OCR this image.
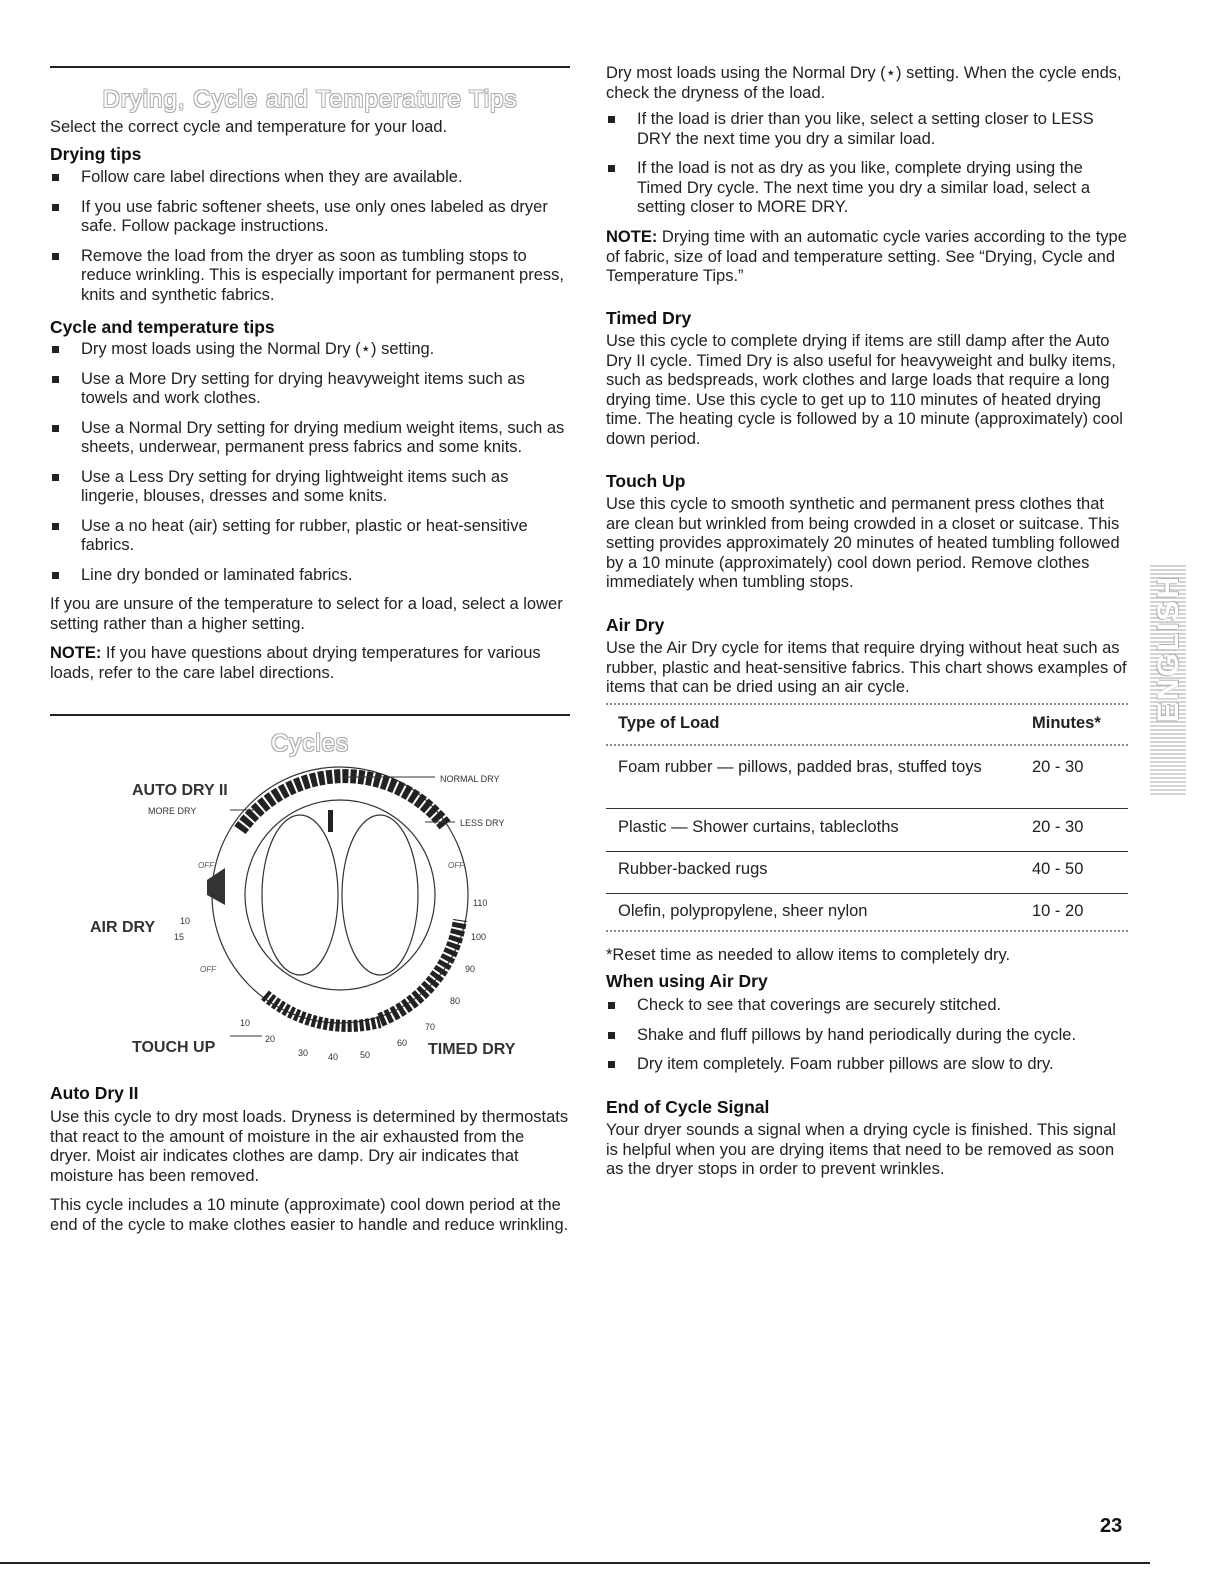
Drying, Cycle and Temperature Tips

Select the correct cycle and temperature for your load.

Drying tips
Follow care label directions when they are available.
If you use fabric softener sheets, use only ones labeled as dryer safe. Follow package instructions.
Remove the load from the dryer as soon as tumbling stops to reduce wrinkling. This is especially important for permanent press, knits and synthetic fabrics.
Cycle and temperature tips
Dry most loads using the Normal Dry (⋆) setting.
Use a More Dry setting for drying heavyweight items such as towels and work clothes.
Use a Normal Dry setting for drying medium weight items, such as sheets, underwear, permanent press fabrics and some knits.
Use a Less Dry setting for drying lightweight items such as lingerie, blouses, dresses and some knits.
Use a no heat (air) setting for rubber, plastic or heat-sensitive fabrics.
Line dry bonded or laminated fabrics.

If you are unsure of the temperature to select for a load, select a lower setting rather than a higher setting.

NOTE: If you have questions about drying temperatures for various loads, refer to the care label directions.

Cycles
AUTO DRY II
MORE DRY
NORMAL DRY
LESS DRY
OFF	OFF
OFF
AIR DRY	10
15
110
100
90
80
70
60
50
40
30
20
10
TOUCH UP	TIMED DRY
Auto Dry II

Use this cycle to dry most loads. Dryness is determined by thermostats that react to the amount of moisture in the air exhausted from the dryer. Moist air indicates clothes are damp. Dry air indicates that moisture has been removed.

This cycle includes a 10 minute (approximate) cool down period at the end of the cycle to make clothes easier to handle and reduce wrinkling.

Dry most loads using the Normal Dry (⋆) setting. When the cycle ends, check the dryness of the load.

If the load is drier than you like, select a setting closer to LESS DRY the next time you dry a similar load.
If the load is not as dry as you like, complete drying using the Timed Dry cycle. The next time you dry a similar load, select a setting closer to MORE DRY.

NOTE: Drying time with an automatic cycle varies according to the type of fabric, size of load and temperature setting. See “Drying, Cycle and Temperature Tips.”

Timed Dry

Use this cycle to complete drying if items are still damp after the Auto Dry II cycle. Timed Dry is also useful for heavyweight and bulky items, such as bedspreads, work clothes and large loads that require a long drying time. Use this cycle to get up to 110 minutes of heated drying time. The heating cycle is followed by a 10 minute (approximately) cool down period.

Touch Up

Use this cycle to smooth synthetic and permanent press clothes that are clean but wrinkled from being crowded in a closet or suitcase. This setting provides approximately 20 minutes of heated tumbling followed by a 10 minute (approximately) cool down period. Remove clothes immediately when tumbling stops.

Air Dry

Use the Air Dry cycle for items that require drying without heat such as rubber, plastic and heat-sensitive fabrics. This chart shows examples of items that can be dried using an air cycle.

Type of Load	Minutes*
Foam rubber — pillows, padded bras, stuffed toys	20 - 30
Plastic — Shower curtains, tablecloths	20 - 30
Rubber-backed rugs	40 - 50
Olefin, polypropylene, sheer nylon	10 - 20

*Reset time as needed to allow items to completely dry.

When using Air Dry
Check to see that coverings are securely stitched.
Shake and fluff pillows by hand periodically during the cycle.
Dry item completely. Foam rubber pillows are slow to dry.
End of Cycle Signal

Your dryer sounds a signal when a drying cycle is finished. This signal is helpful when you are drying items that need to be removed as soon as the dryer stops in order to prevent wrinkles.

ENGLISH
23
